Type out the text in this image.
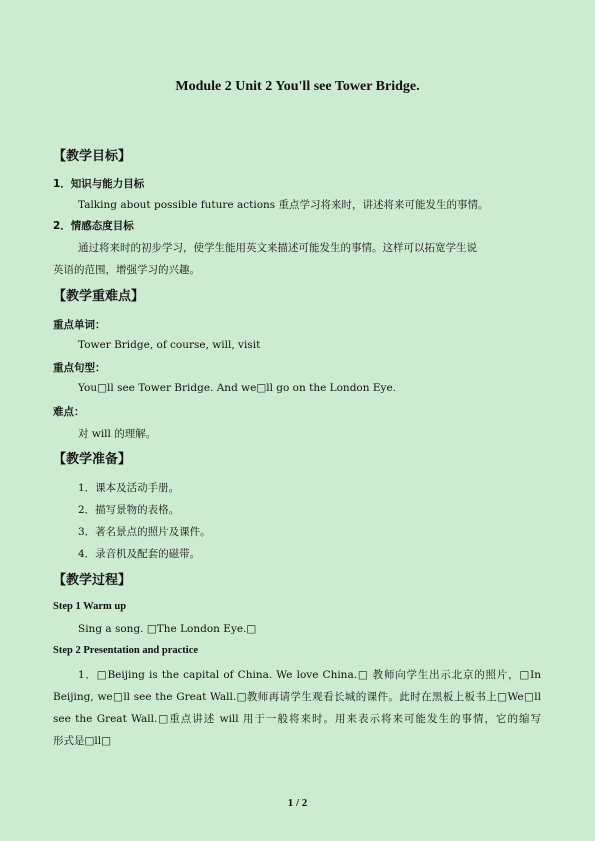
Module 2 Unit 2 You'll see Tower Bridge.
【教学目标】
1．知识与能力目标
Talking about possible future actions 重点学习将来时，讲述将来可能发生的事情。
2．情感态度目标
通过将来时的初步学习，使学生能用英文来描述可能发生的事情。这样可以拓宽学生说
英语的范围，增强学习的兴趣。
【教学重难点】
重点单词：
Tower Bridge, of course, will, visit
重点句型：
You□ll see Tower Bridge. And we□ll go on the London Eye.
难点：
对 will 的理解。
【教学准备】
1．课本及活动手册。
2．描写景物的表格。
3．著名景点的照片及课件。
4．录音机及配套的磁带。
【教学过程】
Step 1 Warm up
Sing a song. □The London Eye.□
Step 2 Presentation and practice
1．□Beijing is the capital of China. We love China.□ 教师向学生出示北京的照片，□In
Beijing, we□ll see the Great Wall.□教师再请学生观看长城的课件。此时在黑板上板书上□We□ll
see the Great Wall.□重点讲述 will 用于一般将来时。用来表示将来可能发生的事情，它的缩写
形式是□ll□
1 / 2
